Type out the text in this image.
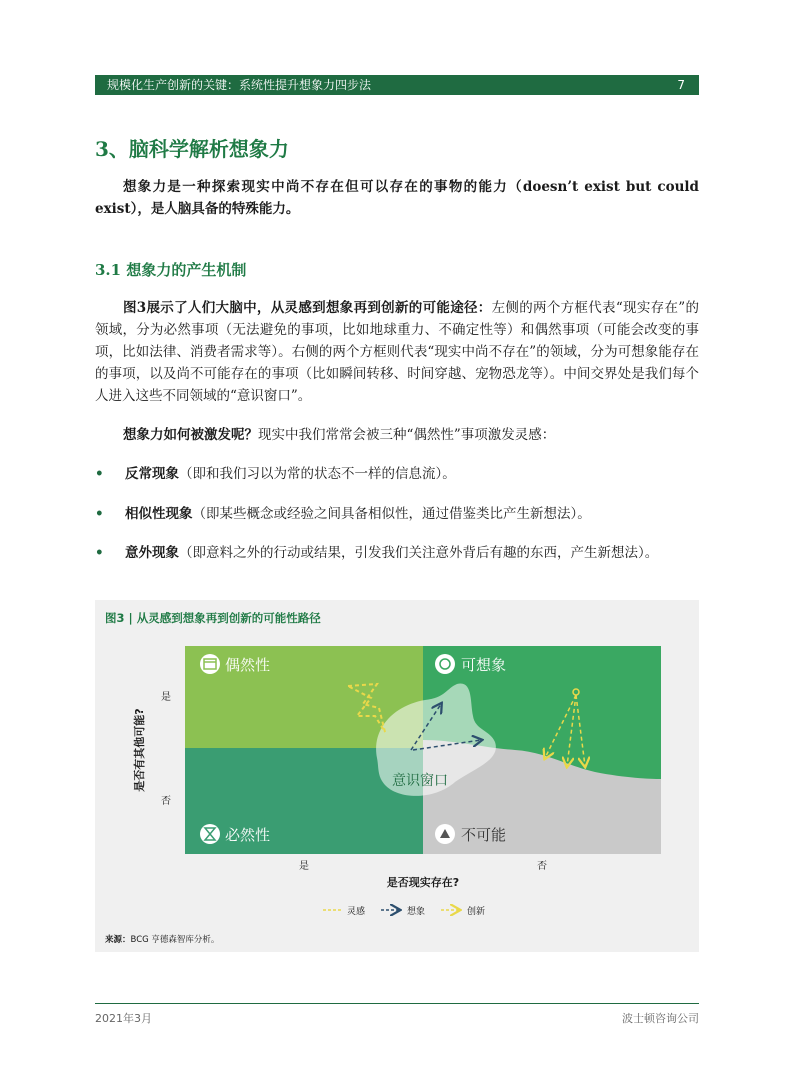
规模化生产创新的关键：系统性提升想象力四步法	7
3、脑科学解析想象力
想象力是一种探索现实中尚不存在但可以存在的事物的能力（doesn’t exist but could exist），是人脑具备的特殊能力。
3.1 想象力的产生机制
图3展示了人们大脑中，从灵感到想象再到创新的可能途径：左侧的两个方框代表“现实存在”的领域，分为必然事项（无法避免的事项，比如地球重力、不确定性等）和偶然事项（可能会改变的事项，比如法律、消费者需求等）。右侧的两个方框则代表“现实中尚不存在”的领域，分为可想象能存在的事项，以及尚不可能存在的事项（比如瞬间转移、时间穿越、宠物恐龙等）。中间交界处是我们每个人进入这些不同领域的“意识窗口”。
想象力如何被激发呢？现实中我们常常会被三种“偶然性”事项激发灵感：
• 反常现象（即和我们习以为常的状态不一样的信息流）。
• 相似性现象（即某些概念或经验之间具备相似性，通过借鉴类比产生新想法）。
• 意外现象（即意料之外的行动或结果，引发我们关注意外背后有趣的东西，产生新想法）。
图3 | 从灵感到想象再到创新的可能性路径
偶然性	可想象
必然性	不可能
意识窗口
是否有其他可能?
是
否
是	否
是否现实存在?
灵感	想象	创新
来源：BCG 亨德森智库分析。
2021年3月	波士顿咨询公司
